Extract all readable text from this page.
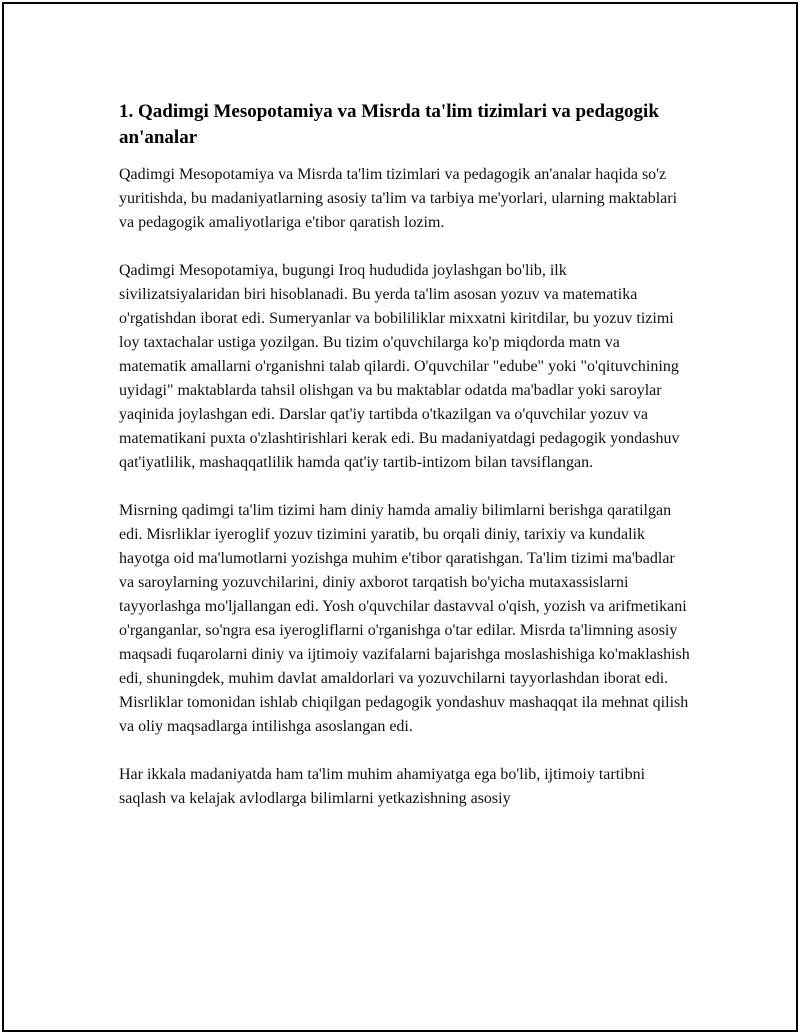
1. Qadimgi Mesopotamiya va Misrda ta'lim tizimlari va pedagogik an'analar

Qadimgi Mesopotamiya va Misrda ta'lim tizimlari va pedagogik an'analar haqida so'z yuritishda, bu madaniyatlarning asosiy ta'lim va tarbiya me'yorlari, ularning maktablari va pedagogik amaliyotlariga e'tibor qaratish lozim.

Qadimgi Mesopotamiya, bugungi Iroq hududida joylashgan bo'lib, ilk sivilizatsiyalaridan biri hisoblanadi. Bu yerda ta'lim asosan yozuv va matematika o'rgatishdan iborat edi. Sumeryanlar va bobililiklar mixxatni kiritdilar, bu yozuv tizimi loy taxtachalar ustiga yozilgan. Bu tizim o'quvchilarga ko'p miqdorda matn va matematik amallarni o'rganishni talab qilardi. O'quvchilar "edube" yoki "o'qituvchining uyidagi" maktablarda tahsil olishgan va bu maktablar odatda ma'badlar yoki saroylar yaqinida joylashgan edi. Darslar qat'iy tartibda o'tkazilgan va o'quvchilar yozuv va matematikani puxta o'zlashtirishlari kerak edi. Bu madaniyatdagi pedagogik yondashuv qat'iyatlilik, mashaqqatlilik hamda qat'iy tartib-intizom bilan tavsiflangan.

Misrning qadimgi ta'lim tizimi ham diniy hamda amaliy bilimlarni berishga qaratilgan edi. Misrliklar iyeroglif yozuv tizimini yaratib, bu orqali diniy, tarixiy va kundalik hayotga oid ma'lumotlarni yozishga muhim e'tibor qaratishgan. Ta'lim tizimi ma'badlar va saroylarning yozuvchilarini, diniy axborot tarqatish bo'yicha mutaxassislarni tayyorlashga mo'ljallangan edi. Yosh o'quvchilar dastavval o'qish, yozish va arifmetikani o'rganganlar, so'ngra esa iyerogliflarni o'rganishga o'tar edilar. Misrda ta'limning asosiy maqsadi fuqarolarni diniy va ijtimoiy vazifalarni bajarishga moslashishiga ko'maklashish edi, shuningdek, muhim davlat amaldorlari va yozuvchilarni tayyorlashdan iborat edi. Misrliklar tomonidan ishlab chiqilgan pedagogik yondashuv mashaqqat ila mehnat qilish va oliy maqsadlarga intilishga asoslangan edi.

Har ikkala madaniyatda ham ta'lim muhim ahamiyatga ega bo'lib, ijtimoiy tartibni saqlash va kelajak avlodlarga bilimlarni yetkazishning asosiy
